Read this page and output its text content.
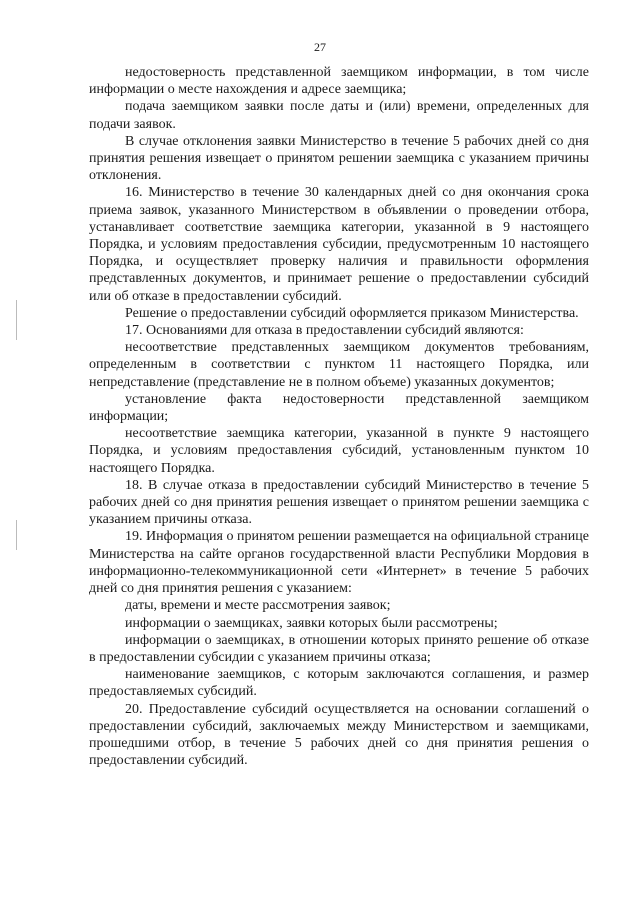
27

недостоверность представленной заемщиком информации, в том числе информации о месте нахождения и адресе заемщика;

подача заемщиком заявки после даты и (или) времени, определенных для подачи заявок.

В случае отклонения заявки Министерство в течение 5 рабочих дней со дня принятия решения извещает о принятом решении заемщика с указанием причины отклонения.

16. Министерство в течение 30 календарных дней со дня окончания срока приема заявок, указанного Министерством в объявлении о проведении отбора, устанавливает соответствие заемщика категории, указанной в 9 настоящего Порядка, и условиям предоставления субсидии, предусмотренным 10 настоящего Порядка, и осуществляет проверку наличия и правильности оформления представленных документов, и принимает решение о предоставлении субсидий или об отказе в предоставлении субсидий.

Решение о предоставлении субсидий оформляется приказом Министерства.

17. Основаниями для отказа в предоставлении субсидий являются:

несоответствие представленных заемщиком документов требованиям, определенным в соответствии с пунктом 11 настоящего Порядка, или непредставление (представление не в полном объеме) указанных документов;

установление факта недостоверности представленной заемщиком информации;

несоответствие заемщика категории, указанной в пункте 9 настоящего Порядка, и условиям предоставления субсидий, установленным пунктом 10 настоящего Порядка.

18. В случае отказа в предоставлении субсидий Министерство в течение 5 рабочих дней со дня принятия решения извещает о принятом решении заемщика с указанием причины отказа.

19. Информация о принятом решении размещается на официальной странице Министерства на сайте органов государственной власти Республики Мордовия в информационно-телекоммуникационной сети «Интернет» в течение 5 рабочих дней со дня принятия решения с указанием:

даты, времени и месте рассмотрения заявок;

информации о заемщиках, заявки которых были рассмотрены;

информации о заемщиках, в отношении которых принято решение об отказе в предоставлении субсидии с указанием причины отказа;

наименование заемщиков, с которым заключаются соглашения, и размер предоставляемых субсидий.

20. Предоставление субсидий осуществляется на основании соглашений о предоставлении субсидий, заключаемых между Министерством и заемщиками, прошедшими отбор, в течение 5 рабочих дней со дня принятия решения о предоставлении субсидий.
